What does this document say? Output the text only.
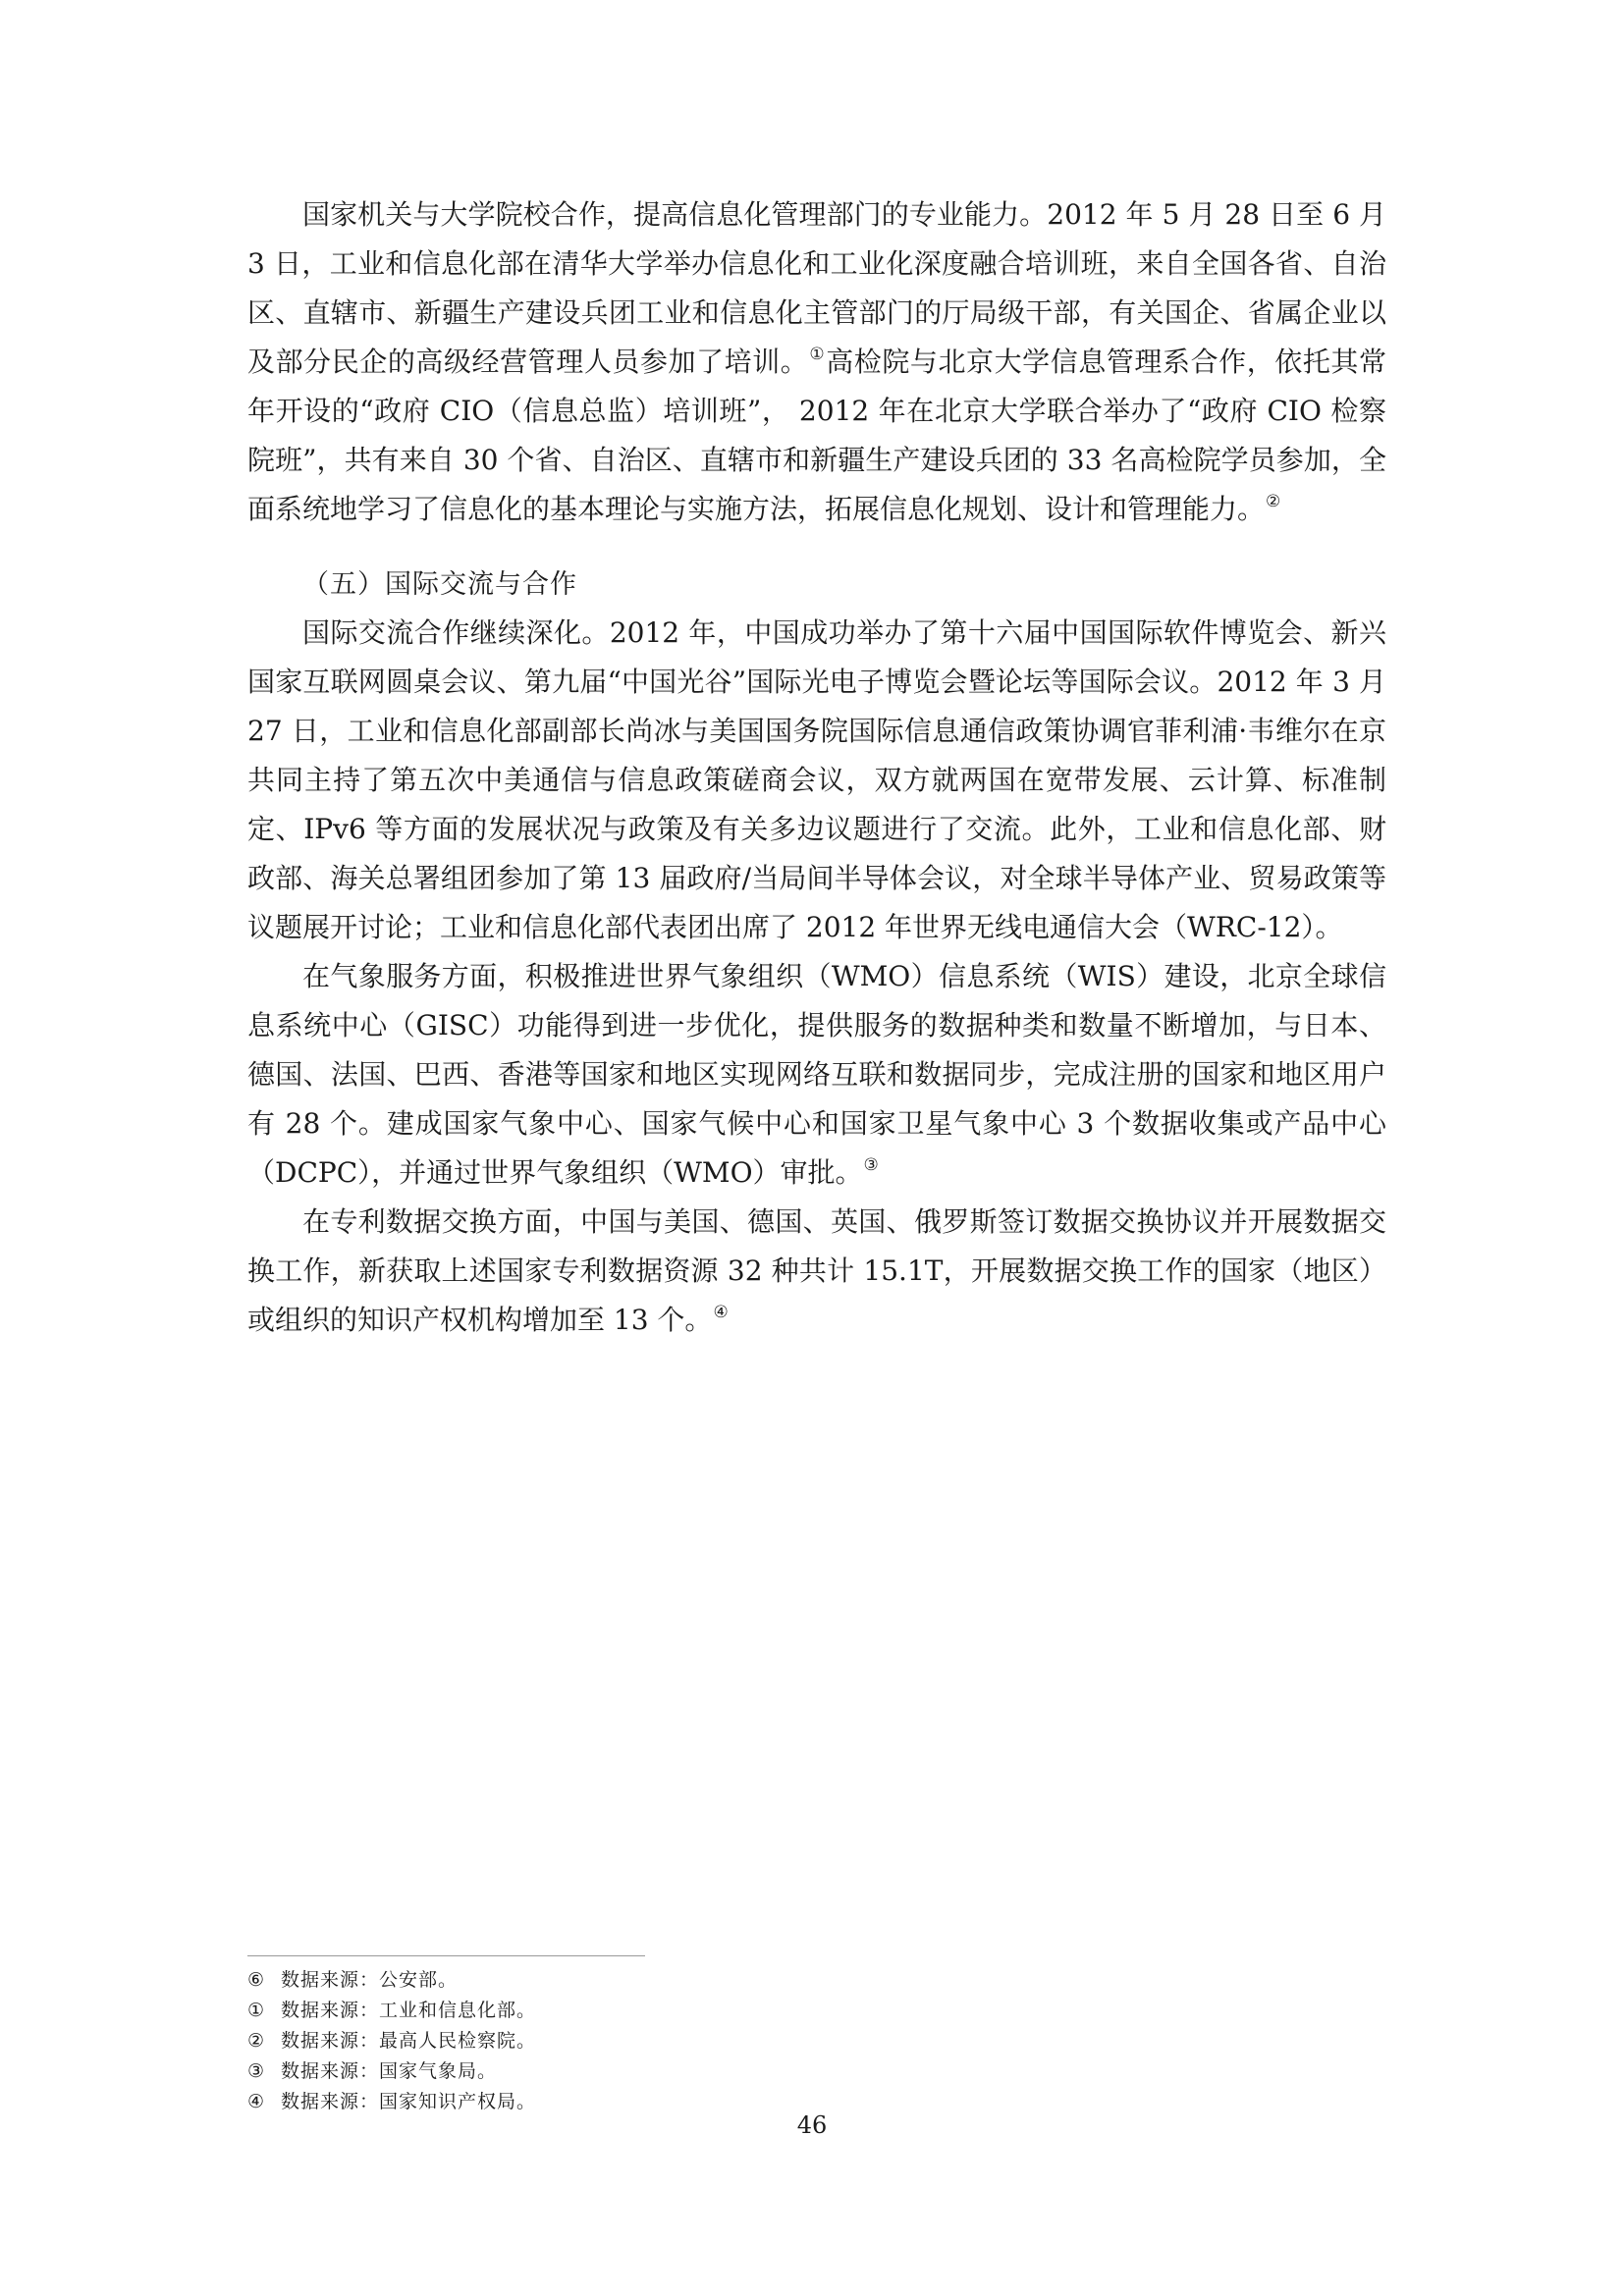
国家机关与大学院校合作，提高信息化管理部门的专业能力。2012 年 5 月 28 日至 6 月 3 日，工业和信息化部在清华大学举办信息化和工业化深度融合培训班，来自全国各省、自治区、直辖市、新疆生产建设兵团工业和信息化主管部门的厅局级干部，有关国企、省属企业以及部分民企的高级经营管理人员参加了培训。①高检院与北京大学信息管理系合作，依托其常年开设的“政府 CIO（信息总监）培训班”， 2012 年在北京大学联合举办了“政府 CIO 检察院班”，共有来自 30 个省、自治区、直辖市和新疆生产建设兵团的 33 名高检院学员参加，全面系统地学习了信息化的基本理论与实施方法，拓展信息化规划、设计和管理能力。②

（五）国际交流与合作

国际交流合作继续深化。2012 年，中国成功举办了第十六届中国国际软件博览会、新兴国家互联网圆桌会议、第九届“中国光谷”国际光电子博览会暨论坛等国际会议。2012 年 3 月 27 日，工业和信息化部副部长尚冰与美国国务院国际信息通信政策协调官菲利浦·韦维尔在京共同主持了第五次中美通信与信息政策磋商会议，双方就两国在宽带发展、云计算、标准制定、IPv6 等方面的发展状况与政策及有关多边议题进行了交流。此外，工业和信息化部、财政部、海关总署组团参加了第 13 届政府/当局间半导体会议，对全球半导体产业、贸易政策等议题展开讨论；工业和信息化部代表团出席了 2012 年世界无线电通信大会（WRC-12）。

在气象服务方面，积极推进世界气象组织（WMO）信息系统（WIS）建设，北京全球信息系统中心（GISC）功能得到进一步优化，提供服务的数据种类和数量不断增加，与日本、德国、法国、巴西、香港等国家和地区实现网络互联和数据同步，完成注册的国家和地区用户有 28 个。建成国家气象中心、国家气候中心和国家卫星气象中心 3 个数据收集或产品中心（DCPC），并通过世界气象组织（WMO）审批。③

在专利数据交换方面，中国与美国、德国、英国、俄罗斯签订数据交换协议并开展数据交换工作，新获取上述国家专利数据资源 32 种共计 15.1T，开展数据交换工作的国家（地区）或组织的知识产权机构增加至 13 个。④

⑥ 数据来源：公安部。
① 数据来源：工业和信息化部。
② 数据来源：最高人民检察院。
③ 数据来源：国家气象局。
④ 数据来源：国家知识产权局。
46
